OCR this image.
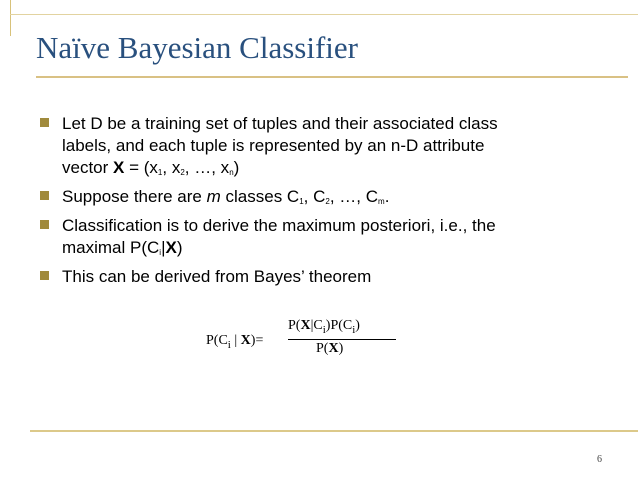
Naïve Bayesian Classifier
Let D be a training set of tuples and their associated class
labels, and each tuple is represented by an n-D attribute
vector $X = (x_1$, $x_2$, …, $x_n$)
Suppose there are m classes $C_1$, $C_2$, …, $C_m$.
Classification is to derive the maximum posteriori, i.e., the
maximal $P(C_i|X)$
This can be derived from Bayes’ theorem
$P(C_i$ | X)=
$P(X|C_i)P(C_i)$
P(X)
6
